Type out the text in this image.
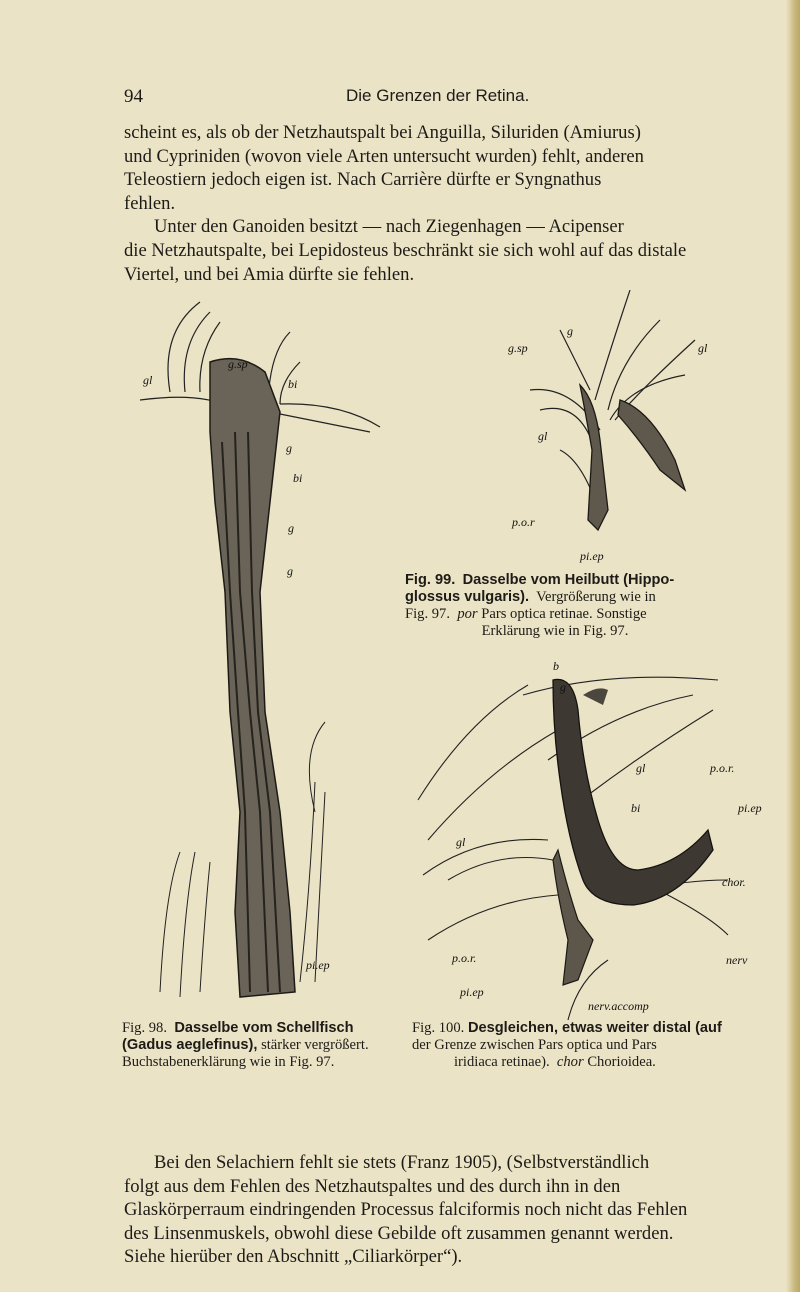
94	Die Grenzen der Retina.
scheint es, als ob der Netzhautspalt bei Anguilla, Siluriden (Amiurus)
und Cypriniden (wovon viele Arten untersucht wurden) fehlt, anderen
Teleostiern jedoch eigen ist. Nach Carrière dürfte er Syngnathus
fehlen.
Unter den Ganoiden besitzt — nach Ziegenhagen — Acipenser
die Netzhautspalte, bei Lepidosteus beschränkt sie sich wohl auf das distale
Viertel, und bei Amia dürfte sie fehlen.
gl
g.sp
bi
g
bi
g
g
pi.ep
g
g.sp	gl
gl
p.o.r
pi.ep
Fig. 99. Dasselbe vom Heilbutt (Hippo-
glossus vulgaris). Vergrößerung wie in
Fig. 97. por Pars optica retinae. Sonstige
Erklärung wie in Fig. 97.
b
g
gl	p.o.r.
bi	pi.ep
gl
chor.
p.o.r.	nerv
pi.ep
nerv.accomp
Fig. 98. Dasselbe vom Schellfisch
(Gadus aeglefinus), stärker vergrößert.
Buchstabenerklärung wie in Fig. 97.
Fig. 100. Desgleichen, etwas weiter distal (auf
der Grenze zwischen Pars optica und Pars
iridiaca retinae). chor Chorioidea.
Bei den Selachiern fehlt sie stets (Franz 1905), (Selbstverständlich
folgt aus dem Fehlen des Netzhautspaltes und des durch ihn in den
Glaskörperraum eindringenden Processus falciformis noch nicht das Fehlen
des Linsenmuskels, obwohl diese Gebilde oft zusammen genannt werden.
Siehe hierüber den Abschnitt „Ciliarkörper“).
